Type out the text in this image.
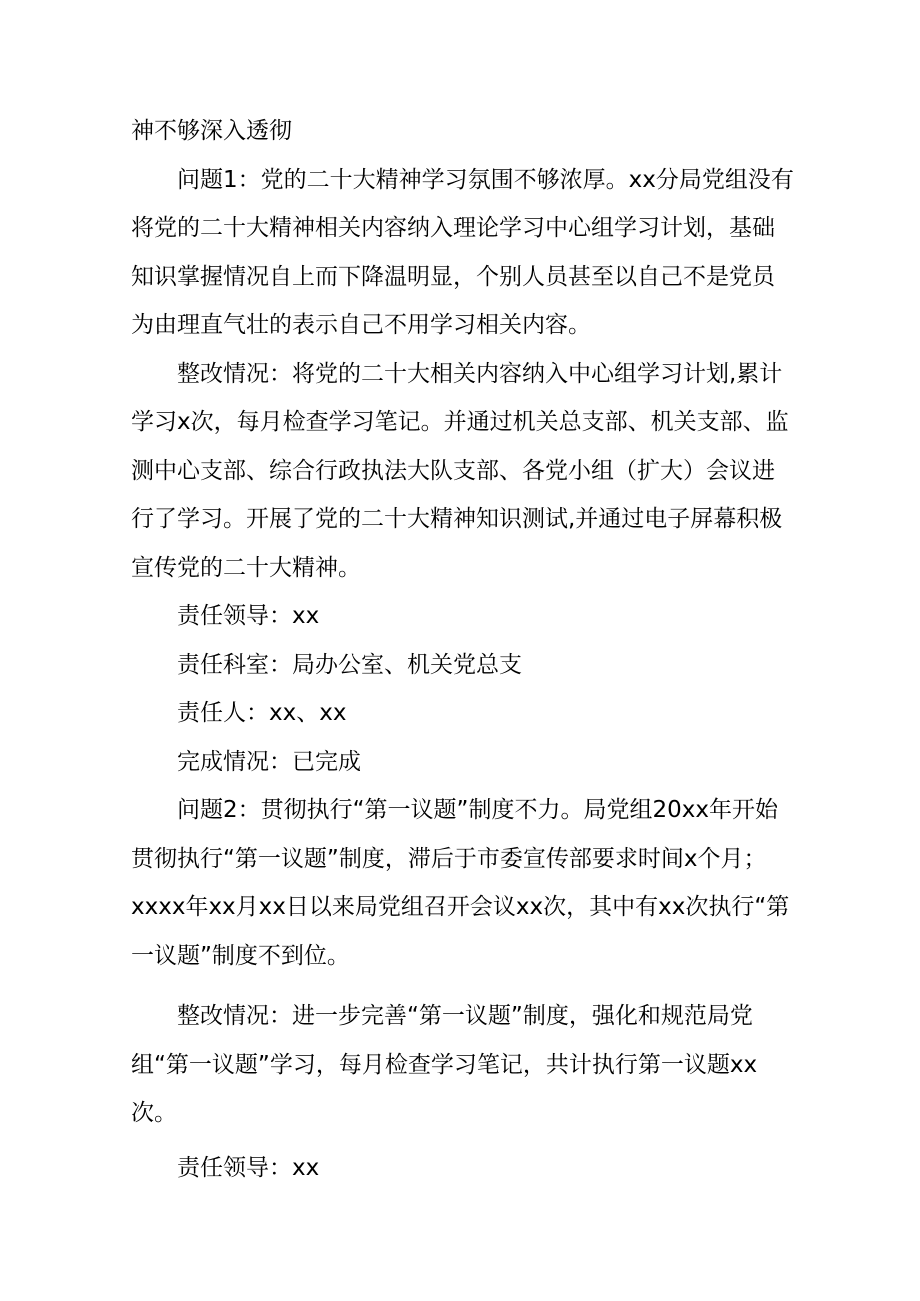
神不够深入透彻

问题1：党的二十大精神学习氛围不够浓厚。xx分局党组没有
将党的二十大精神相关内容纳入理论学习中心组学习计划，基础
知识掌握情况自上而下降温明显，个别人员甚至以自己不是党员
为由理直气壮的表示自己不用学习相关内容。

整改情况：将党的二十大相关内容纳入中心组学习计划,累计
学习x次，每月检查学习笔记。并通过机关总支部、机关支部、监
测中心支部、综合行政执法大队支部、各党小组（扩大）会议进
行了学习。开展了党的二十大精神知识测试,并通过电子屏幕积极
宣传党的二十大精神。

责任领导：xx

责任科室：局办公室、机关党总支

责任人：xx、xx

完成情况：已完成

问题2：贯彻执行“第一议题”制度不力。局党组20xx年开始
贯彻执行“第一议题”制度，滞后于市委宣传部要求时间x个月；
xxxx年xx月xx日以来局党组召开会议xx次，其中有xx次执行“第
一议题”制度不到位。

整改情况：进一步完善“第一议题”制度，强化和规范局党
组“第一议题”学习，每月检查学习笔记，共计执行第一议题xx
次。

责任领导：xx
